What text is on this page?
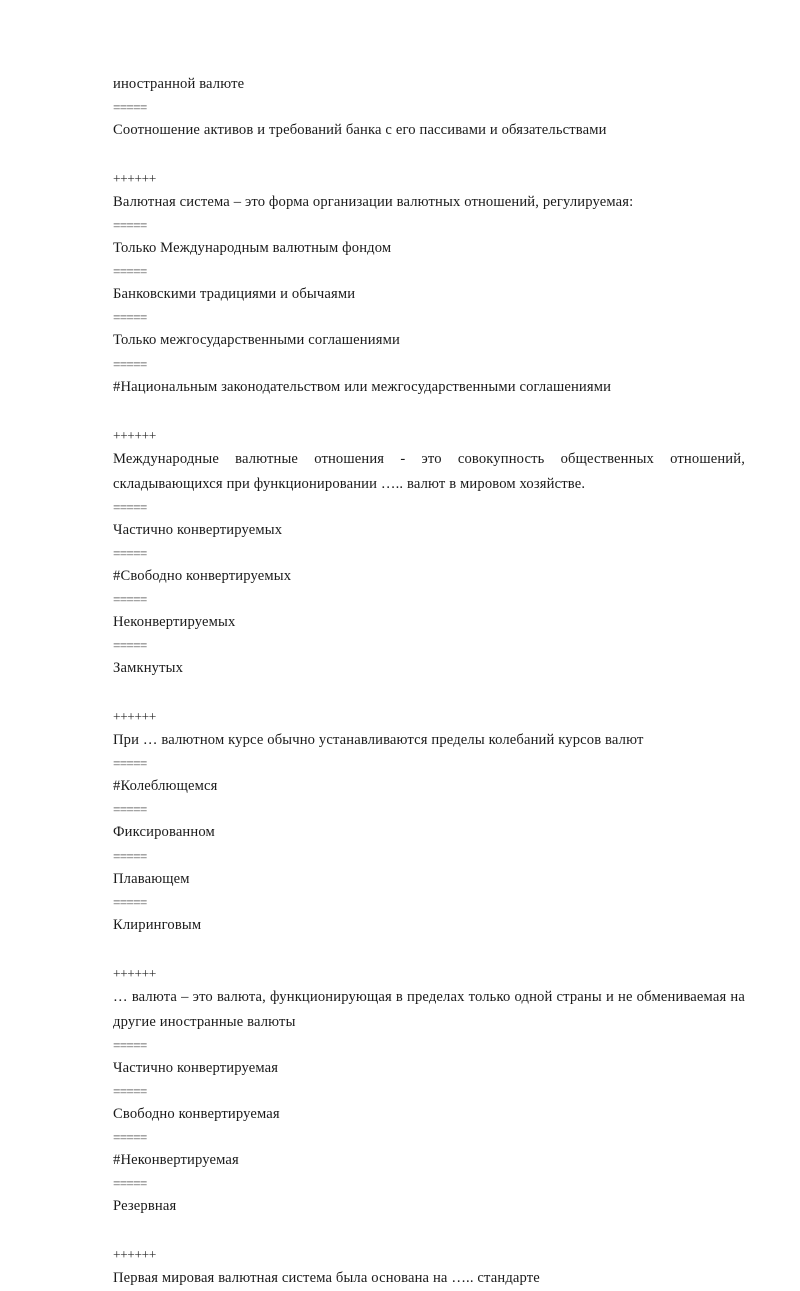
иностранной валюте
=====
Соотношение активов и требований банка с его пассивами и обязательствами
++++++
Валютная система – это форма организации валютных отношений, регулируемая:
=====
Только Международным валютным фондом
=====
Банковскими традициями и обычаями
=====
Только межгосударственными соглашениями
=====
#Национальным законодательством или межгосударственными соглашениями
++++++
Международные валютные отношения - это совокупность общественных отношений, складывающихся при функционировании ….. валют в мировом хозяйстве.
=====
Частично конвертируемых
=====
#Свободно конвертируемых
=====
Неконвертируемых
=====
Замкнутых
++++++
При … валютном курсе обычно устанавливаются пределы колебаний курсов валют
=====
#Колеблющемся
=====
Фиксированном
=====
Плавающем
=====
Клиринговым
++++++
… валюта – это валюта, функционирующая в пределах только одной страны и не обмениваемая на другие иностранные валюты
=====
Частично конвертируемая
=====
Свободно конвертируемая
=====
#Неконвертируемая
=====
Резервная
++++++
Первая мировая валютная система была основана на ….. стандарте
